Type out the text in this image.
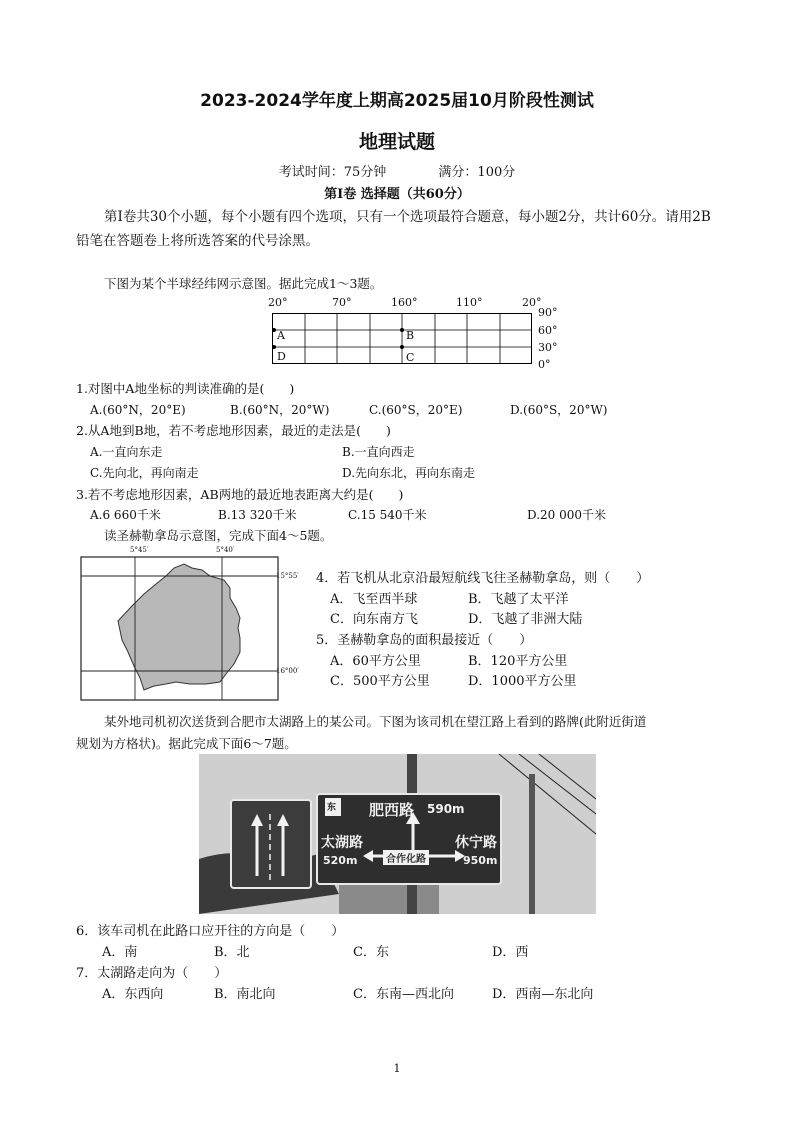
2023-2024学年度上期高2025届10月阶段性测试
地理试题
考试时间：75分钟	满分：100分
第Ⅰ卷 选择题（共60分）
第Ⅰ卷共30个小题，每个小题有四个选项，只有一个选项最符合题意，每小题2分，共计60分。请用2B铅笔在答题卷上将所选答案的代号涂黑。
下图为某个半球经纬网示意图。据此完成1～3题。
20°	70°	160°	110°	20°
A	B
D	C
90°
60°
30°
0°
1.对图中A地坐标的判读准确的是(　　)
A.(60°N，20°E)	B.(60°N，20°W)	C.(60°S，20°E)	D.(60°S，20°W)
2.从A地到B地，若不考虑地形因素，最近的走法是(　　)
A.一直向东走	B.一直向西走
C.先向北，再向南走	D.先向东北，再向东南走
3.若不考虑地形因素，AB两地的最近地表距离大约是(　　)
A.6 660千米	B.13 320千米	C.15 540千米	D.20 000千米
读圣赫勒拿岛示意图，完成下面4～5题。
5°45′	5°40′
15°55′
16°00′
4．若飞机从北京沿最短航线飞往圣赫勒拿岛，则（　　）
A．飞至西半球	B．飞越了太平洋
C．向东南方飞	D．飞越了非洲大陆
5．圣赫勒拿岛的面积最接近（　　）
A．60平方公里	B．120平方公里
C．500平方公里	D．1000平方公里
某外地司机初次送货到合肥市太湖路上的某公司。下图为该司机在望江路上看到的路牌(此附近街道
规划为方格状)。据此完成下面6～7题。
东 肥西路 590m
太湖路
520m	合作化路
休宁路
950m
6．该车司机在此路口应开往的方向是（　　）
A．南	B．北	C．东	D．西
7．太湖路走向为（　　）
A．东西向	B．南北向	C．东南—西北向	D．西南—东北向
1
